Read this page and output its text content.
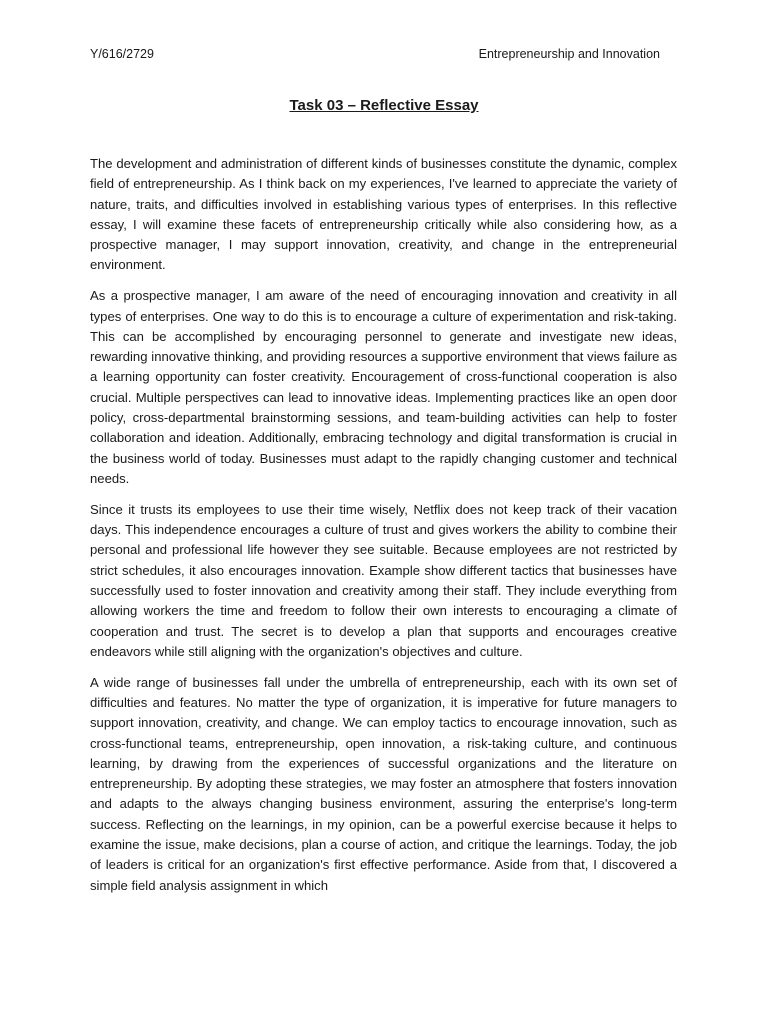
Y/616/2729	Entrepreneurship and Innovation
Task 03 – Reflective Essay

The development and administration of different kinds of businesses constitute the dynamic, complex field of entrepreneurship. As I think back on my experiences, I've learned to appreciate the variety of nature, traits, and difficulties involved in establishing various types of enterprises. In this reflective essay, I will examine these facets of entrepreneurship critically while also considering how, as a prospective manager, I may support innovation, creativity, and change in the entrepreneurial environment.

As a prospective manager, I am aware of the need of encouraging innovation and creativity in all types of enterprises. One way to do this is to encourage a culture of experimentation and risk-taking. This can be accomplished by encouraging personnel to generate and investigate new ideas, rewarding innovative thinking, and providing resources a supportive environment that views failure as a learning opportunity can foster creativity. Encouragement of cross-functional cooperation is also crucial. Multiple perspectives can lead to innovative ideas. Implementing practices like an open door policy, cross-departmental brainstorming sessions, and team-building activities can help to foster collaboration and ideation. Additionally, embracing technology and digital transformation is crucial in the business world of today. Businesses must adapt to the rapidly changing customer and technical needs.

Since it trusts its employees to use their time wisely, Netflix does not keep track of their vacation days. This independence encourages a culture of trust and gives workers the ability to combine their personal and professional life however they see suitable. Because employees are not restricted by strict schedules, it also encourages innovation. Example show different tactics that businesses have successfully used to foster innovation and creativity among their staff. They include everything from allowing workers the time and freedom to follow their own interests to encouraging a climate of cooperation and trust. The secret is to develop a plan that supports and encourages creative endeavors while still aligning with the organization's objectives and culture.

A wide range of businesses fall under the umbrella of entrepreneurship, each with its own set of difficulties and features. No matter the type of organization, it is imperative for future managers to support innovation, creativity, and change. We can employ tactics to encourage innovation, such as cross-functional teams, entrepreneurship, open innovation, a risk-taking culture, and continuous learning, by drawing from the experiences of successful organizations and the literature on entrepreneurship. By adopting these strategies, we may foster an atmosphere that fosters innovation and adapts to the always changing business environment, assuring the enterprise's long-term success. Reflecting on the learnings, in my opinion, can be a powerful exercise because it helps to examine the issue, make decisions, plan a course of action, and critique the learnings. Today, the job of leaders is critical for an organization's first effective performance. Aside from that, I discovered a simple field analysis assignment in which
